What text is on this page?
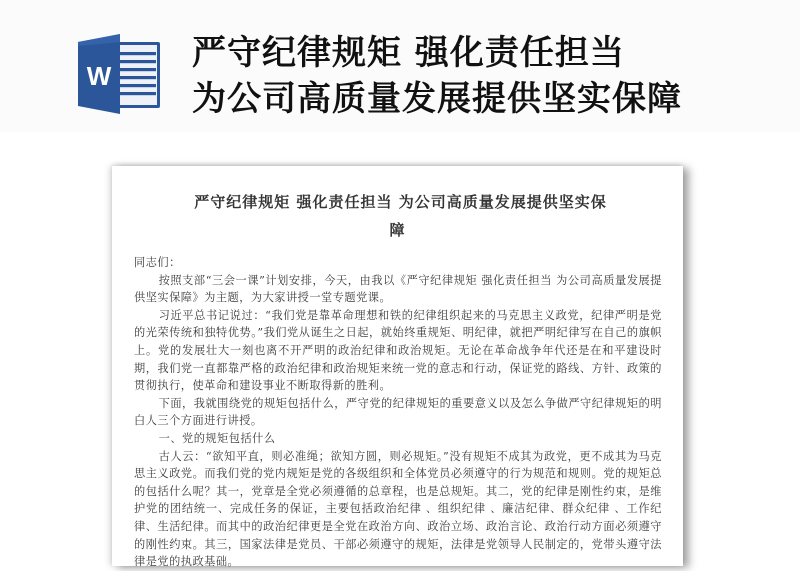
W
严守纪律规矩 强化责任担当
为公司高质量发展提供坚实保障
严守纪律规矩 强化责任担当 为公司高质量发展提供坚实保
障

同志们：

按照支部“三会一课”计划安排，今天，由我以《严守纪律规矩 强化责任担当 为公司高质量发展提供坚实保障》为主题，为大家讲授一堂专题党课。

习近平总书记说过：“我们党是靠革命理想和铁的纪律组织起来的马克思主义政党，纪律严明是党的光荣传统和独特优势。”我们党从诞生之日起，就始终重规矩、明纪律，就把严明纪律写在自己的旗帜上。党的发展壮大一刻也离不开严明的政治纪律和政治规矩。无论在革命战争年代还是在和平建设时期，我们党一直都靠严格的政治纪律和政治规矩来统一党的意志和行动，保证党的路线、方针、政策的贯彻执行，使革命和建设事业不断取得新的胜利。

下面，我就围绕党的规矩包括什么，严守党的纪律规矩的重要意义以及怎么争做严守纪律规矩的明白人三个方面进行讲授。

一、党的规矩包括什么

古人云：“欲知平直，则必准绳；欲知方圆，则必规矩。”没有规矩不成其为政党，更不成其为马克思主义政党。而我们党的党内规矩是党的各级组织和全体党员必须遵守的行为规范和规则。党的规矩总的包括什么呢？其一，党章是全党必须遵循的总章程，也是总规矩。其二，党的纪律是刚性约束，是维护党的团结统一、完成任务的保证，主要包括政治纪律 、组织纪律 、廉洁纪律、群众纪律 、工作纪律、生活纪律。而其中的政治纪律更是全党在政治方向、政治立场、政治言论、政治行动方面必须遵守的刚性约束。其三，国家法律是党员、干部必须遵守的规矩，法律是党领导人民制定的，党带头遵守法律是党的执政基础。
